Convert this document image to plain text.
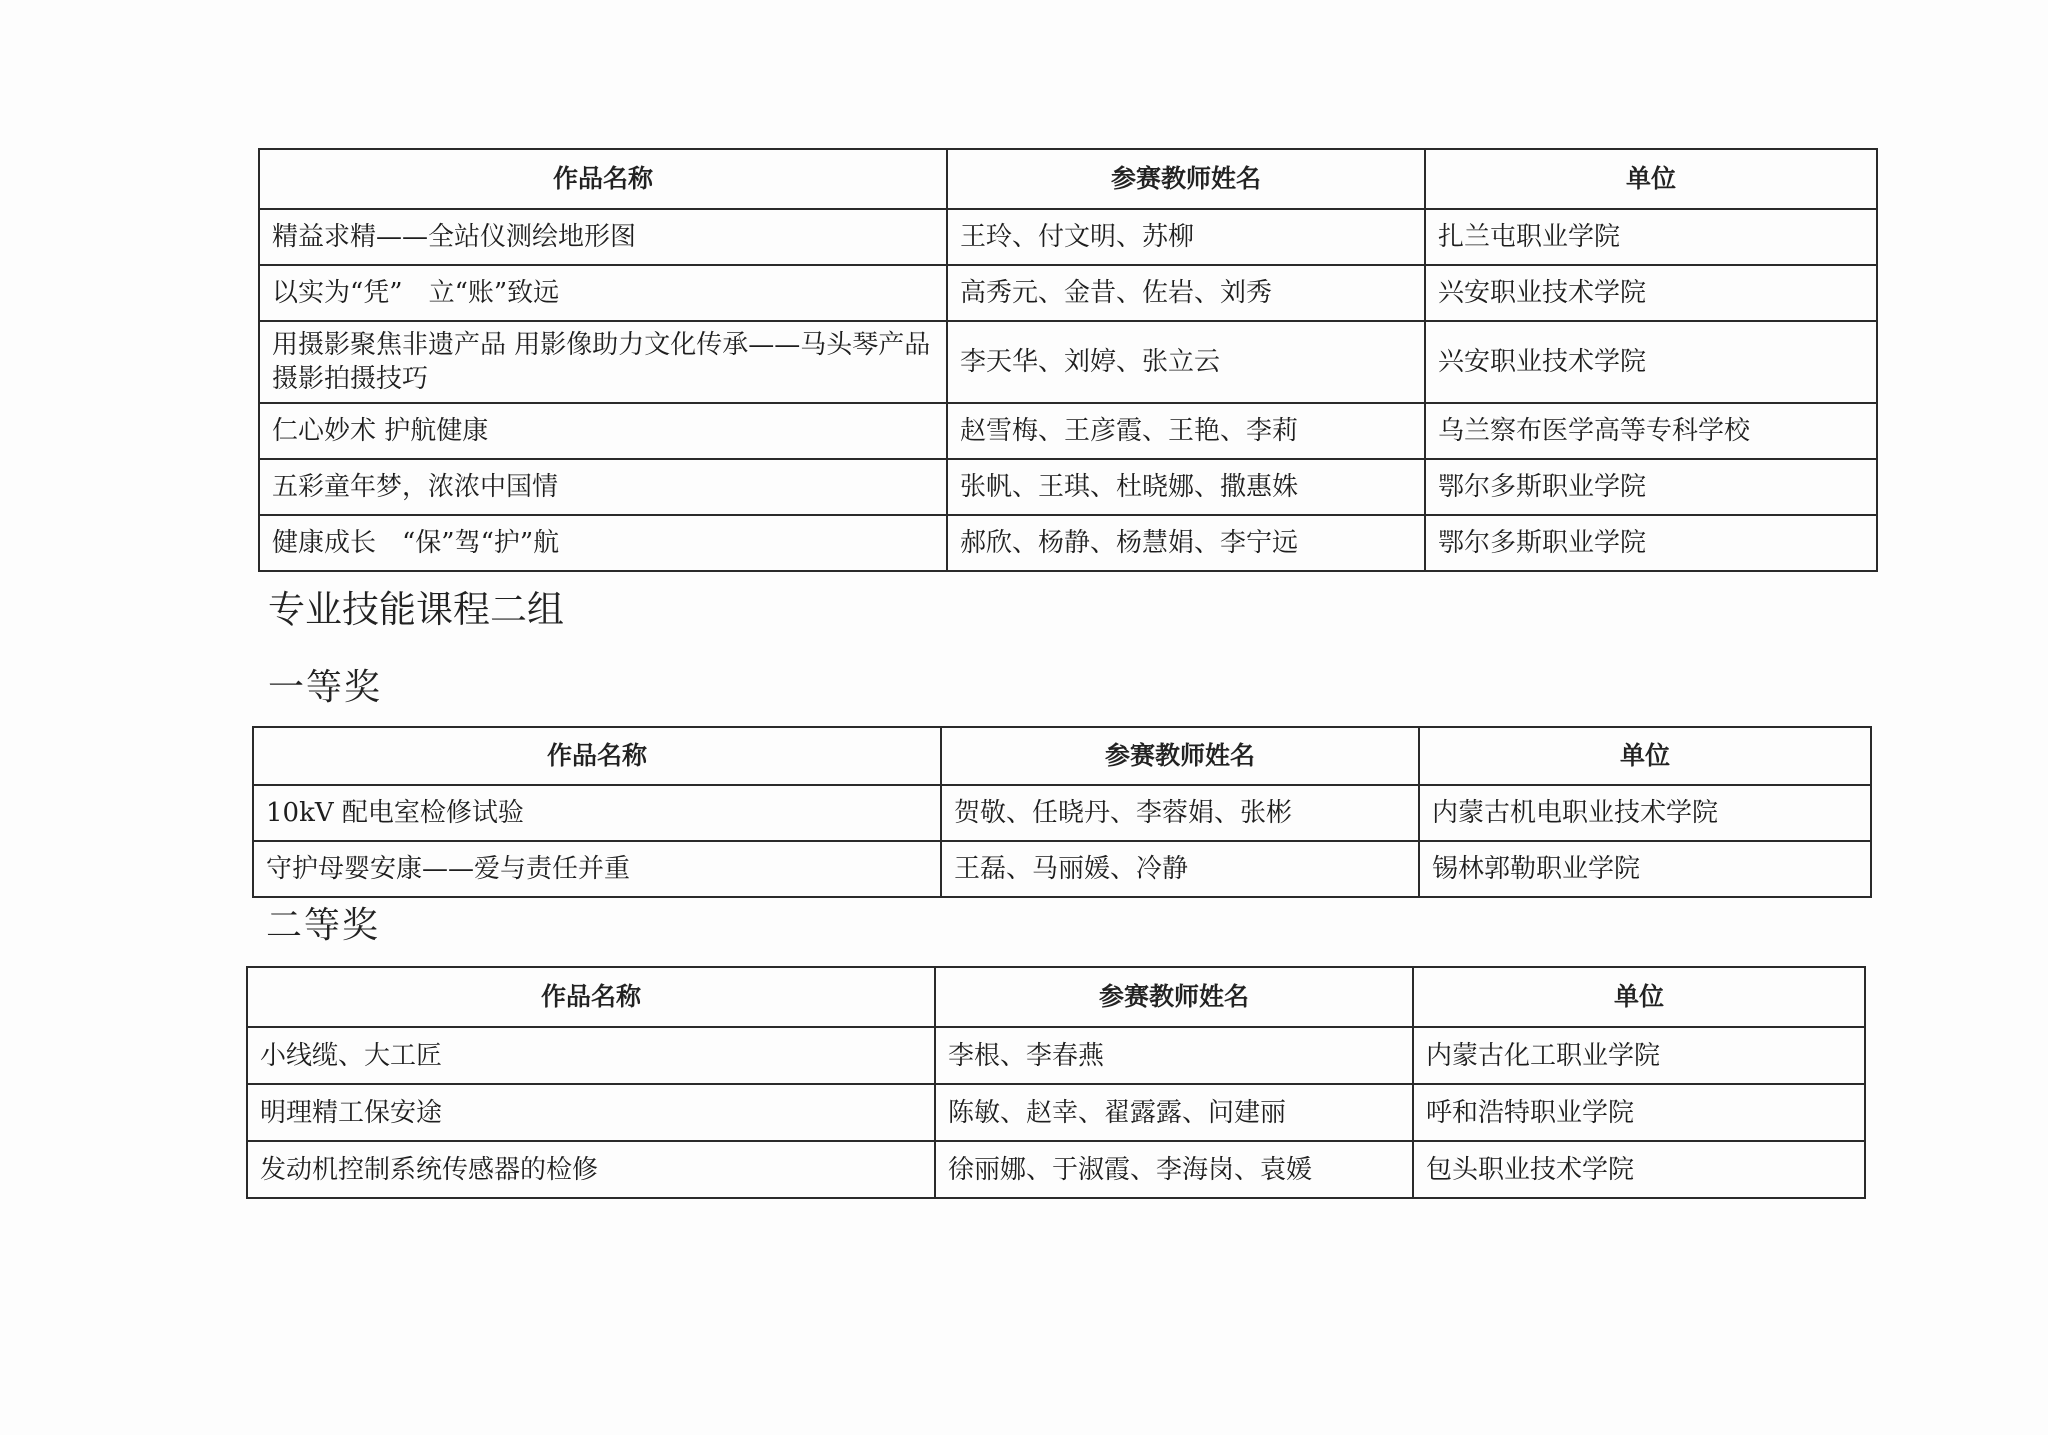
作品名称	参赛教师姓名	单位
精益求精——全站仪测绘地形图	王玲、付文明、苏柳	扎兰屯职业学院
以实为“凭”　立“账”致远	高秀元、金昔、佐岩、刘秀	兴安职业技术学院
用摄影聚焦非遗产品 用影像助力文化传承——马头琴产品摄影拍摄技巧	李天华、刘婷、张立云	兴安职业技术学院
仁心妙术 护航健康	赵雪梅、王彦霞、王艳、李莉	乌兰察布医学高等专科学校
五彩童年梦，浓浓中国情	张帆、王琪、杜晓娜、撒惠姝	鄂尔多斯职业学院
健康成长　“保”驾“护”航	郝欣、杨静、杨慧娟、李宁远	鄂尔多斯职业学院
专业技能课程二组
一等奖
作品名称	参赛教师姓名	单位
10kV 配电室检修试验	贺敬、任晓丹、李蓉娟、张彬	内蒙古机电职业技术学院
守护母婴安康——爱与责任并重	王磊、马丽媛、冷静	锡林郭勒职业学院
二等奖
作品名称	参赛教师姓名	单位
小线缆、大工匠	李根、李春燕	内蒙古化工职业学院
明理精工保安途	陈敏、赵幸、翟露露、问建丽	呼和浩特职业学院
发动机控制系统传感器的检修	徐丽娜、于淑霞、李海岗、袁媛	包头职业技术学院
